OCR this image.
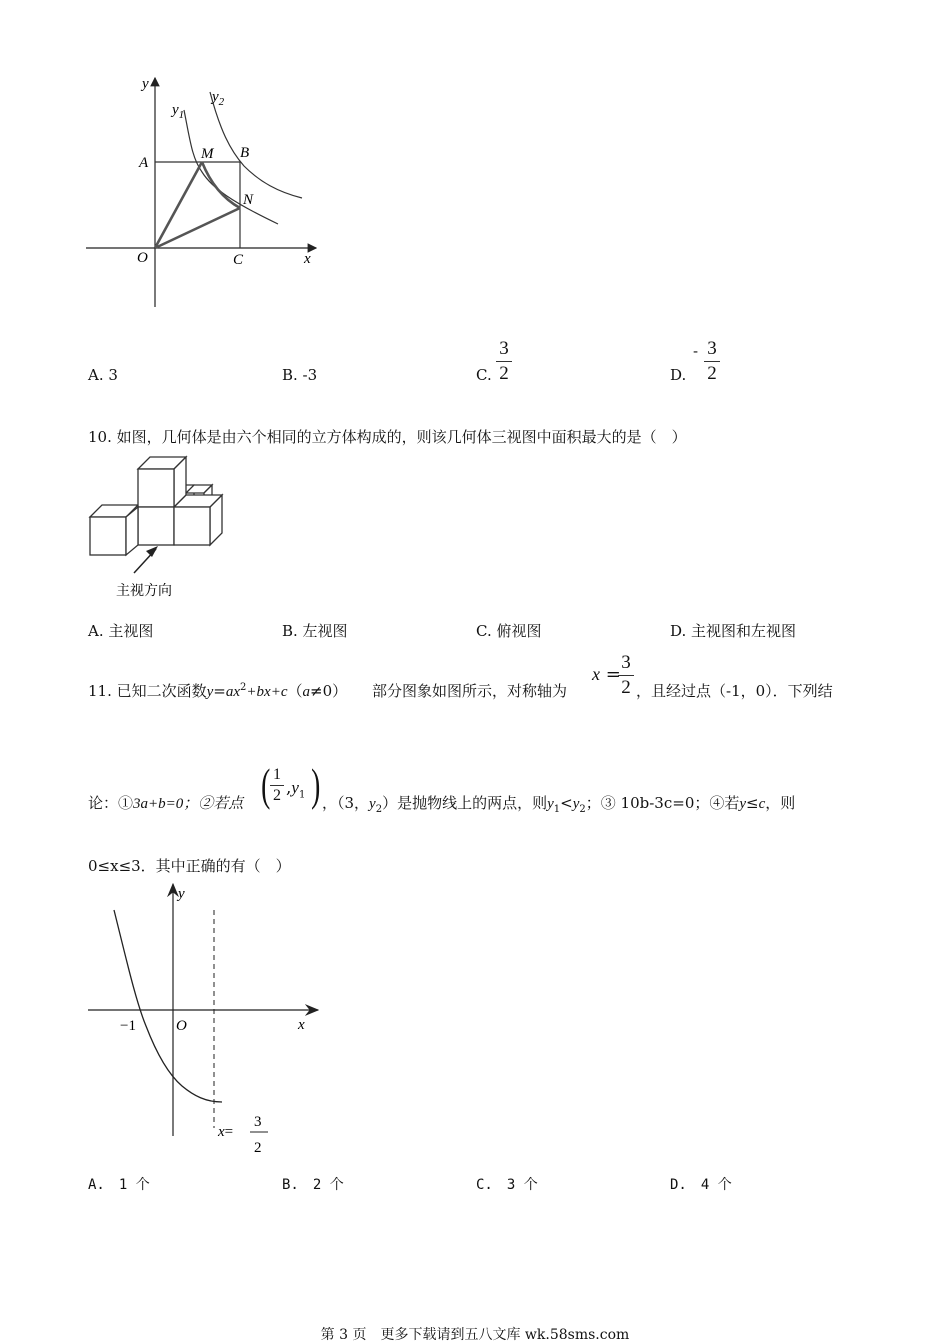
y
x
$y_1$
$y_2$
A
M B
N
O	C
A. 3	B. -3	C.
3
2	D.
- 3
2
10. 如图，几何体是由六个相同的立方体构成的，则该几何体三视图中面积最大的是（　）
主视方向
A. 主视图	B. 左视图	C. 俯视图	D. 主视图和左视图
11. 已知二次函数$y=ax^2+bx+c(a\ne 0)$ 部分图象如图所示，对称轴为
x =
3
2 ，且经过点（-1，0）．下列结
论：①3a+b=0；②若点 ( 1
2 $,y_1$ ) ，（3，$y_2$）是抛物线上的两点，则$y_1<y_2$；③ 10b-3c=0；④若y≤c，则
0≤x≤3．其中正确的有（　）
y
x
−1	O
x=
3
2
A.　1 个	B.　2 个	C.　3 个	D.　4 个
第 3 页　更多下载请到五八文库 wk.58sms.com
